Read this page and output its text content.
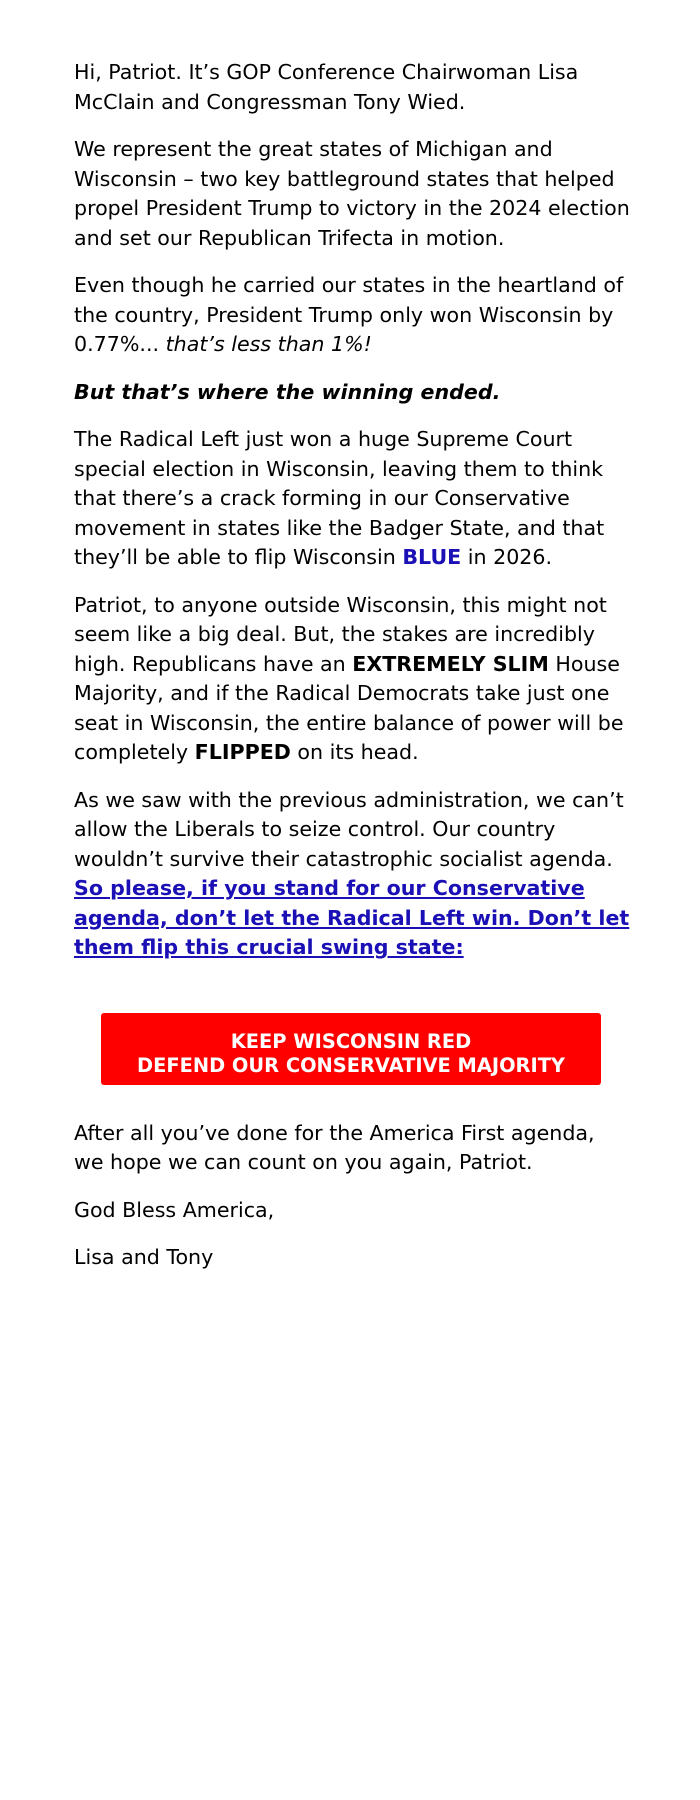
Hi, Patriot. It’s GOP Conference Chairwoman Lisa McClain and Congressman Tony Wied.

We represent the great states of Michigan and Wisconsin – two key battleground states that helped propel President Trump to victory in the 2024 election and set our Republican Trifecta in motion.

Even though he carried our states in the heartland of the country, President Trump only won Wisconsin by 0.77%... that’s less than 1%!

But that’s where the winning ended.

The Radical Left just won a huge Supreme Court special election in Wisconsin, leaving them to think that there’s a crack forming in our Conservative movement in states like the Badger State, and that they’ll be able to flip Wisconsin BLUE in 2026.

Patriot, to anyone outside Wisconsin, this might not seem like a big deal. But, the stakes are incredibly high. Republicans have an EXTREMELY SLIM House Majority, and if the Radical Democrats take just one seat in Wisconsin, the entire balance of power will be completely FLIPPED on its head.

As we saw with the previous administration, we can’t allow the Liberals to seize control. Our country wouldn’t survive their catastrophic socialist agenda. So please, if you stand for our Conservative agenda, don’t let the Radical Left win. Don’t let them flip this crucial swing state:

KEEP WISCONSIN RED
DEFEND OUR CONSERVATIVE MAJORITY

After all you’ve done for the America First agenda, we hope we can count on you again, Patriot.

God Bless America,

Lisa and Tony
